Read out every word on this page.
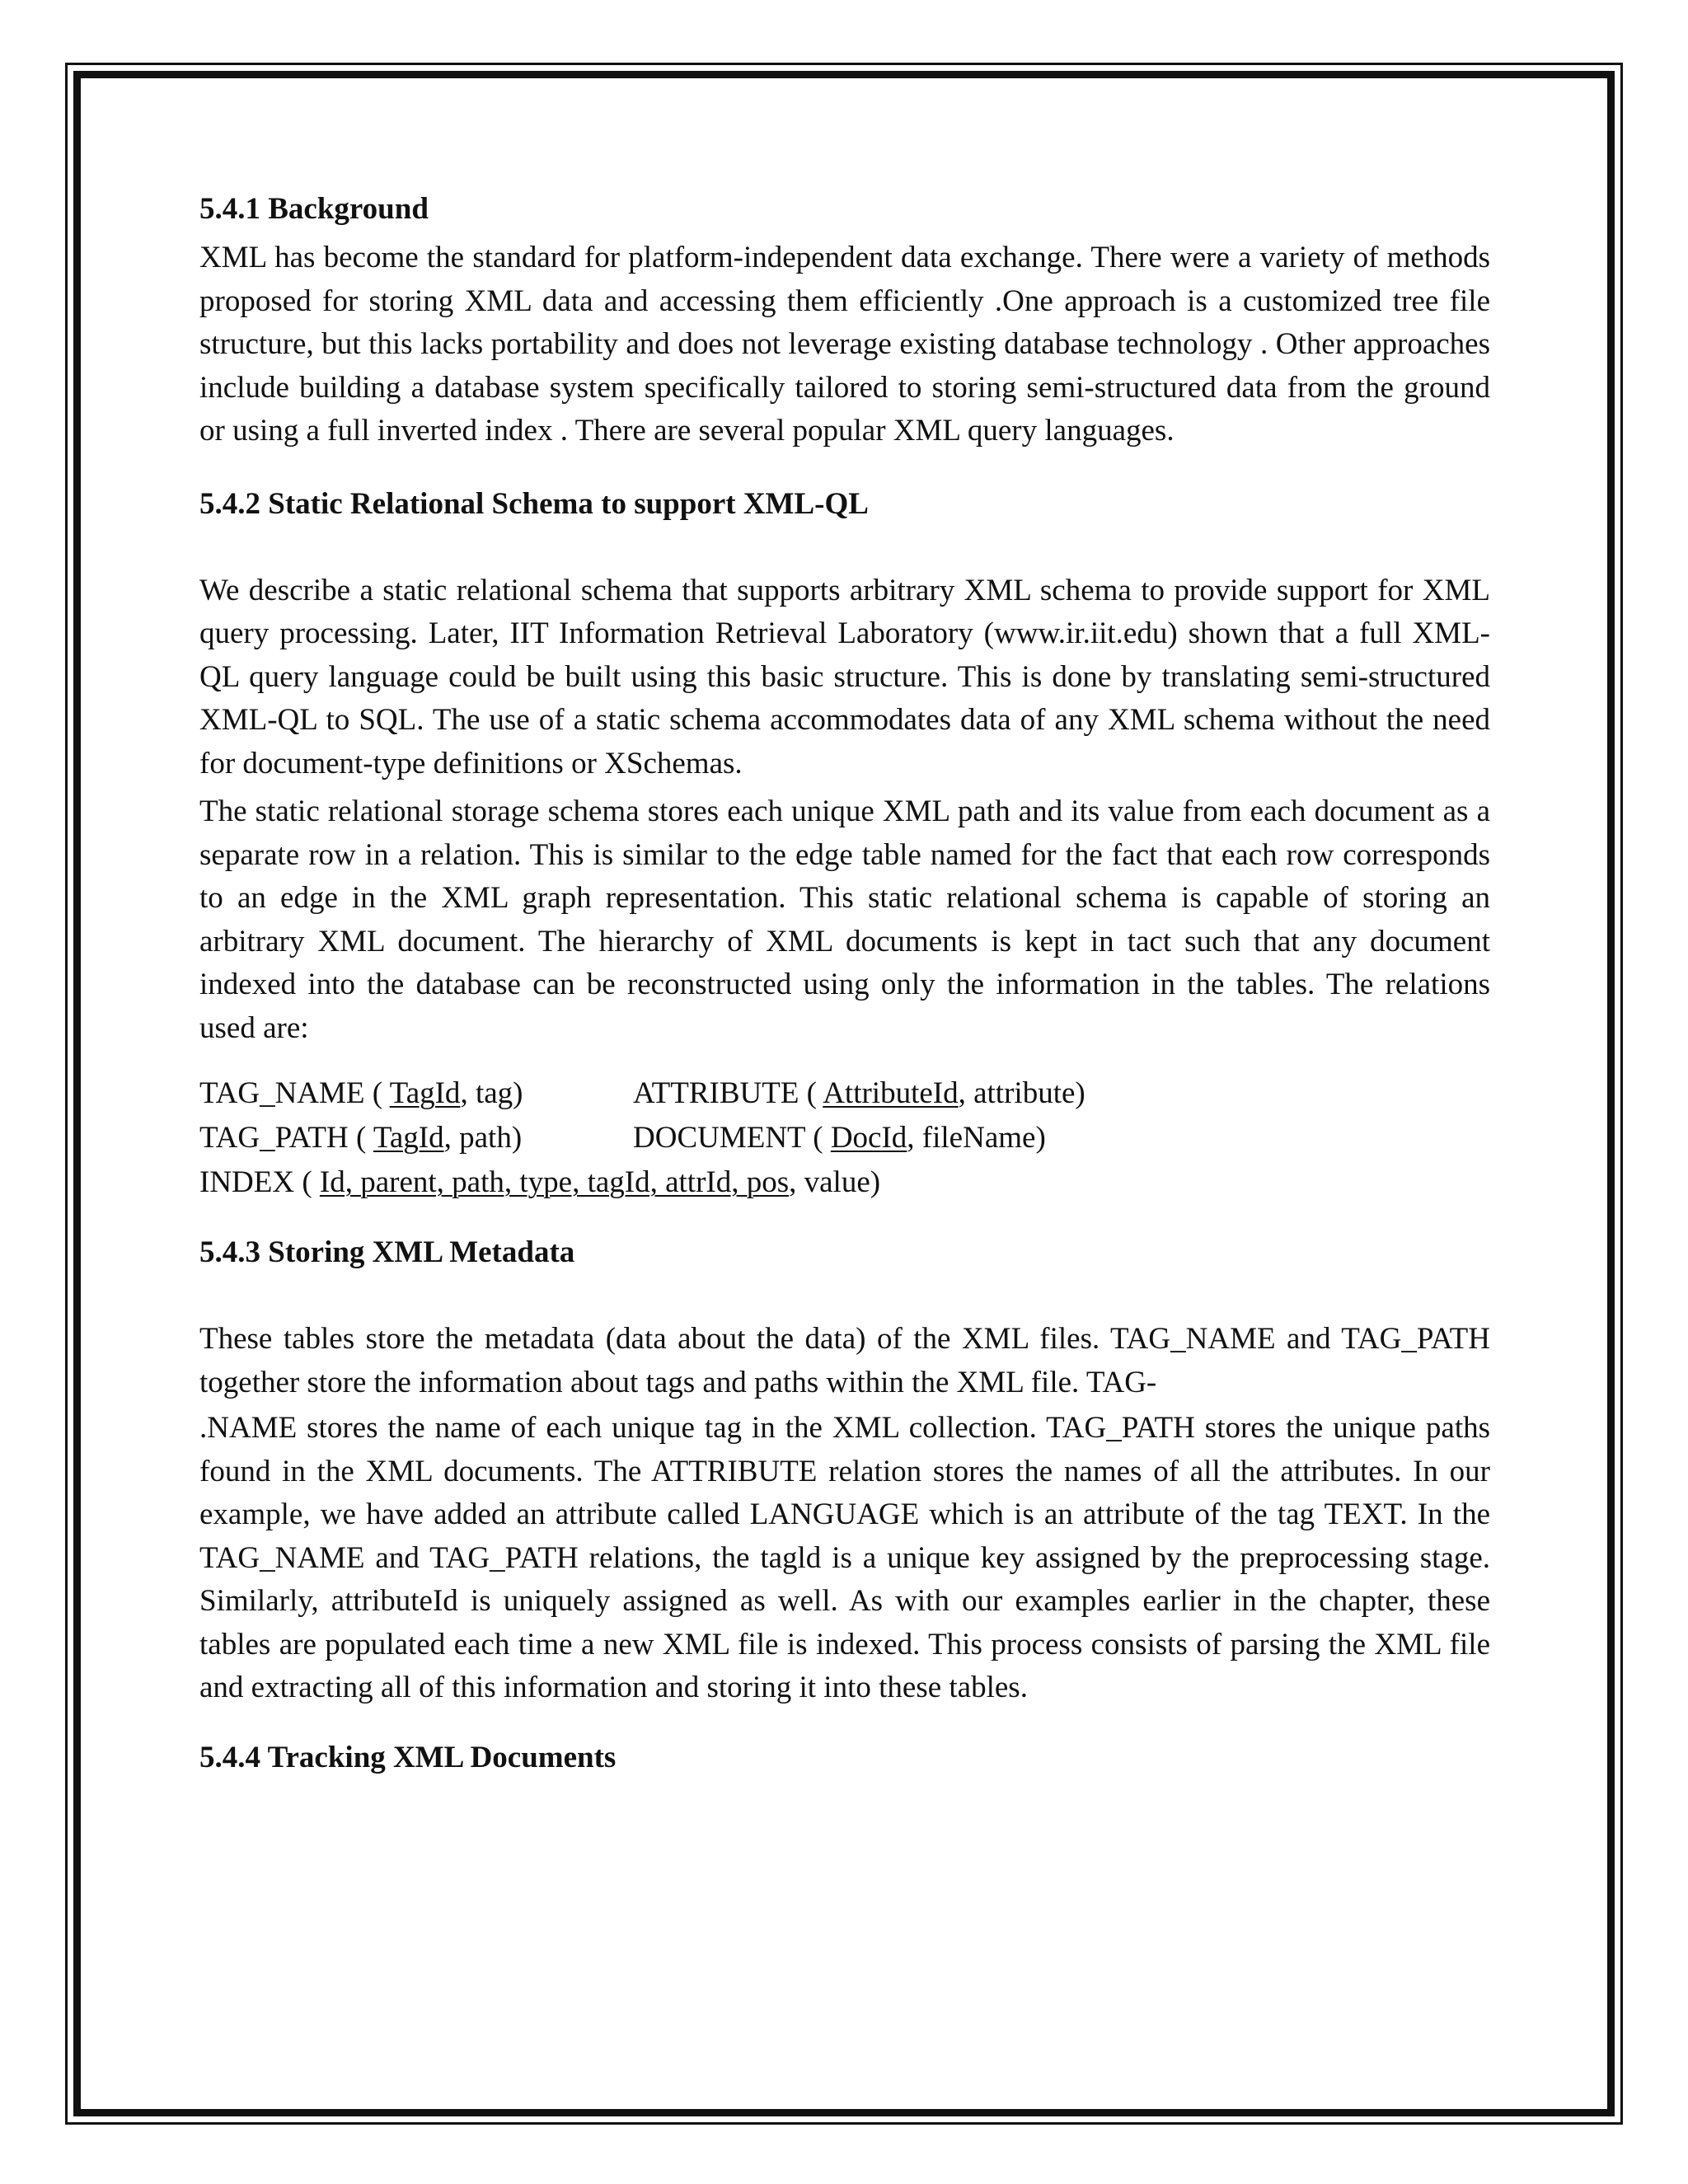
5.4.1 Background

XML has become the standard for platform-independent data exchange. There were a variety of methods proposed for storing XML data and accessing them efficiently .One approach is a customized tree file structure, but this lacks portability and does not leverage existing database technology . Other approaches include building a database system specifically tailored to storing semi-structured data from the ground or using a full inverted index . There are several popular XML query languages.

5.4.2 Static Relational Schema to support XML-QL

We describe a static relational schema that supports arbitrary XML schema to provide support for XML query processing. Later, IIT Information Retrieval Laboratory (www.ir.iit.edu) shown that a full XML-QL query language could be built using this basic structure. This is done by translating semi-structured XML-QL to SQL. The use of a static schema accommodates data of any XML schema without the need for document-type definitions or XSchemas.

The static relational storage schema stores each unique XML path and its value from each document as a separate row in a relation. This is similar to the edge table named for the fact that each row corresponds to an edge in the XML graph representation. This static relational schema is capable of storing an arbitrary XML document. The hierarchy of XML documents is kept in tact such that any document indexed into the database can be reconstructed using only the information in the tables. The relations used are:

TAG_NAME ( TagId, tag)	ATTRIBUTE ( AttributeId, attribute)
TAG_PATH ( TagId, path)	DOCUMENT ( DocId, fileName)
INDEX ( Id, parent, path, type, tagId, attrId, pos, value)
5.4.3 Storing XML Metadata

These tables store the metadata (data about the data) of the XML files. TAG_NAME and TAG_PATH together store the information about tags and paths within the XML file. TAG-

.NAME stores the name of each unique tag in the XML collection. TAG_PATH stores the unique paths found in the XML documents. The ATTRIBUTE relation stores the names of all the attributes. In our example, we have added an attribute called LANGUAGE which is an attribute of the tag TEXT. In the TAG_NAME and TAG_PATH relations, the tagld is a unique key assigned by the preprocessing stage. Similarly, attributeId is uniquely assigned as well. As with our examples earlier in the chapter, these tables are populated each time a new XML file is indexed. This process consists of parsing the XML file and extracting all of this information and storing it into these tables.

5.4.4 Tracking XML Documents
